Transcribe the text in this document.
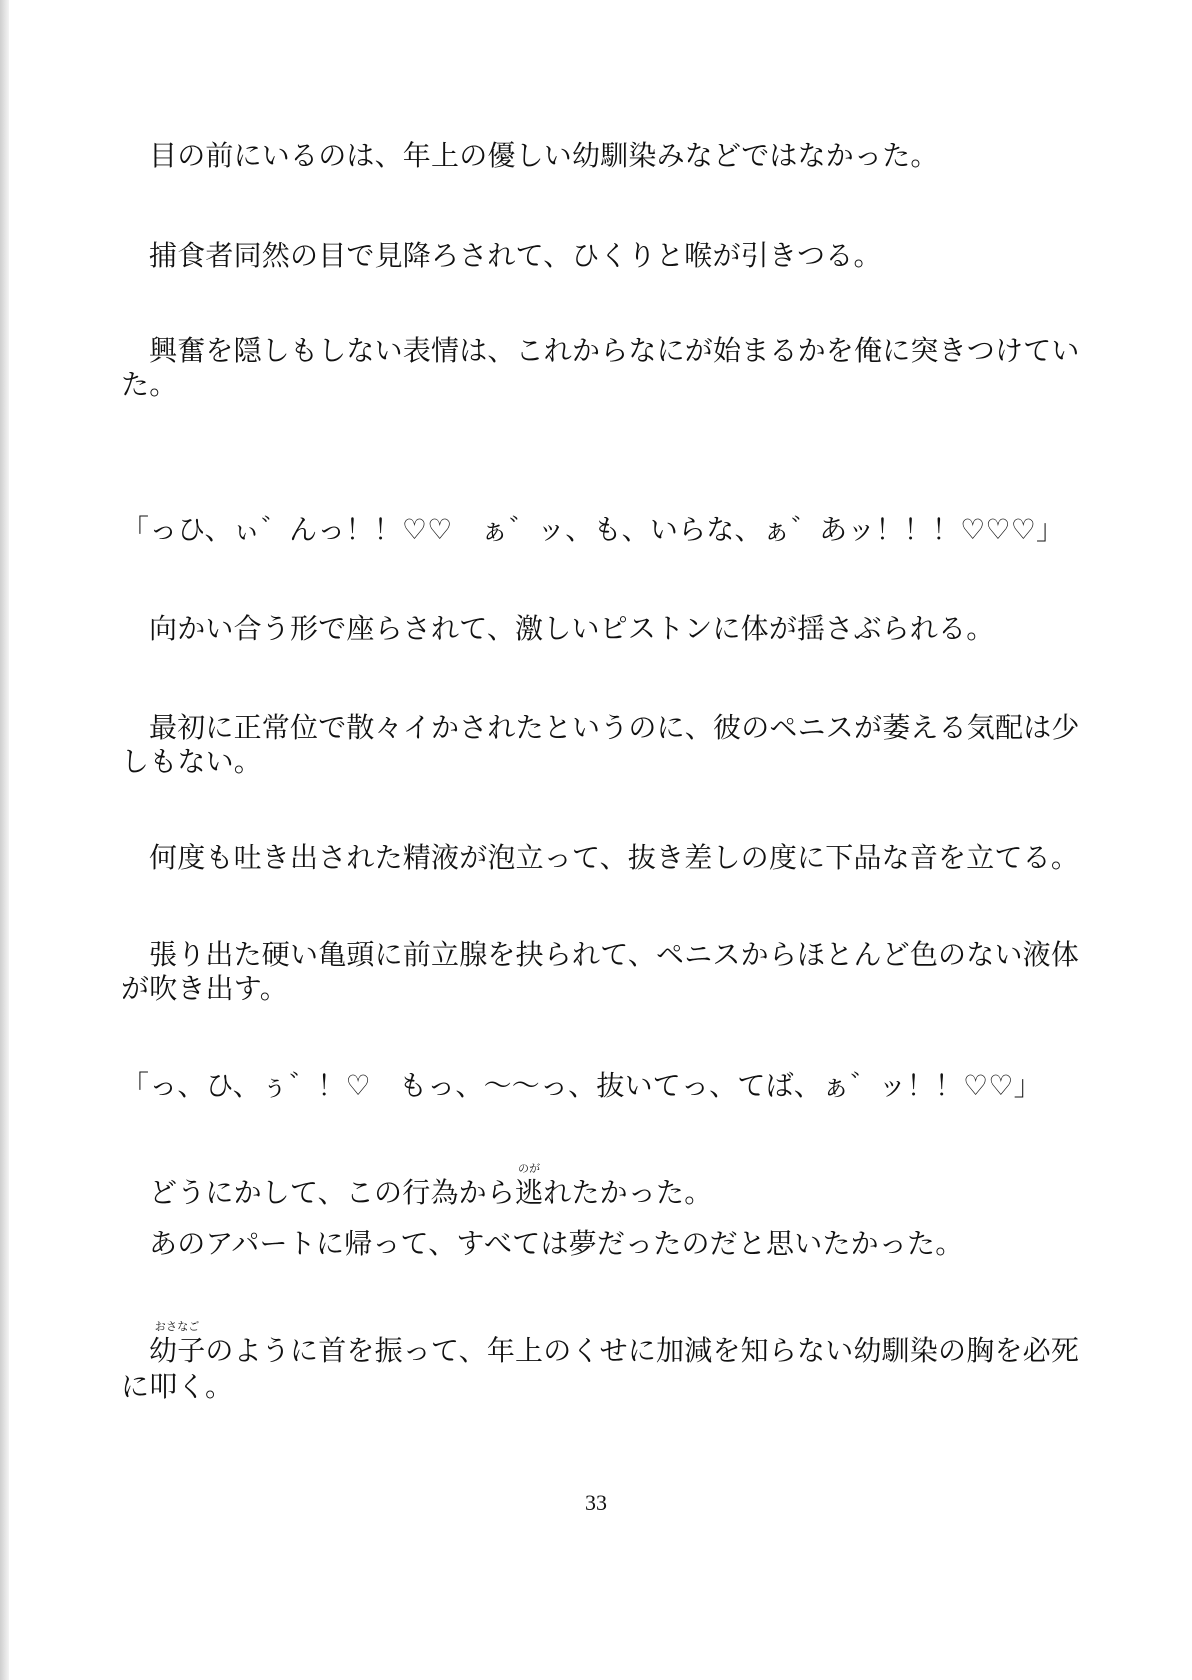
目の前にいるのは、年上の優しい幼馴染みなどではなかった。
捕食者同然の目で見降ろされて、ひくりと喉が引きつる。
興奮を隠しもしない表情は、これからなにが始まるかを俺に突きつけてい
た。
「っひ、ぃ゛んっ！！♡♡　ぁ゛ッ、も、いらな、ぁ゛あッ！！！♡♡♡」
向かい合う形で座らされて、激しいピストンに体が揺さぶられる。
最初に正常位で散々イかされたというのに、彼のペニスが萎える気配は少
しもない。
何度も吐き出された精液が泡立って、抜き差しの度に下品な音を立てる。
張り出た硬い亀頭に前立腺を抉られて、ペニスからほとんど色のない液体
が吹き出す。
「っ、ひ、ぅ゛！♡　もっ、〜〜っ、抜いてっ、てば、ぁ゛ッ！！♡♡」
どうにかして、この行為から逃
のが
れたかった。
あのアパートに帰って、すべては夢だったのだと思いたかった。
幼子
おさなご
のように首を振って、年上のくせに加減を知らない幼馴染の胸を必死
に叩く。
33
